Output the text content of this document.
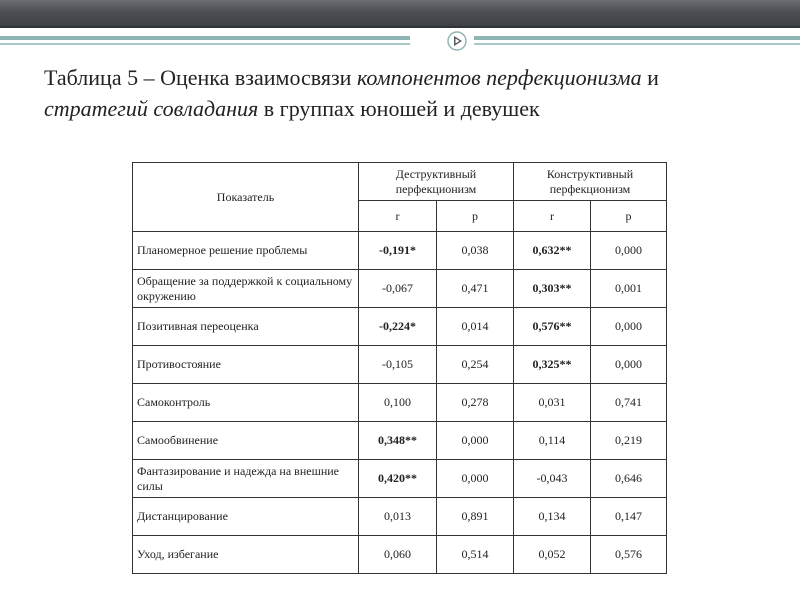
Таблица 5 – Оценка взаимосвязи компонентов перфекционизма и стратегий совладания в группах юношей и девушек
Показатель	Деструктивный перфекционизм		Конструктивный перфекционизм	
	r	p	r	p
Планомерное решение проблемы	-0,191*	0,038	0,632**	0,000
Обращение за поддержкой к социальному окружению	-0,067	0,471	0,303**	0,001
Позитивная переоценка	-0,224*	0,014	0,576**	0,000
Противостояние	-0,105	0,254	0,325**	0,000
Самоконтроль	0,100	0,278	0,031	0,741
Самообвинение	0,348**	0,000	0,114	0,219
Фантазирование и надежда на внешние силы	0,420**	0,000	-0,043	0,646
Дистанцирование	0,013	0,891	0,134	0,147
Уход, избегание	0,060	0,514	0,052	0,576
